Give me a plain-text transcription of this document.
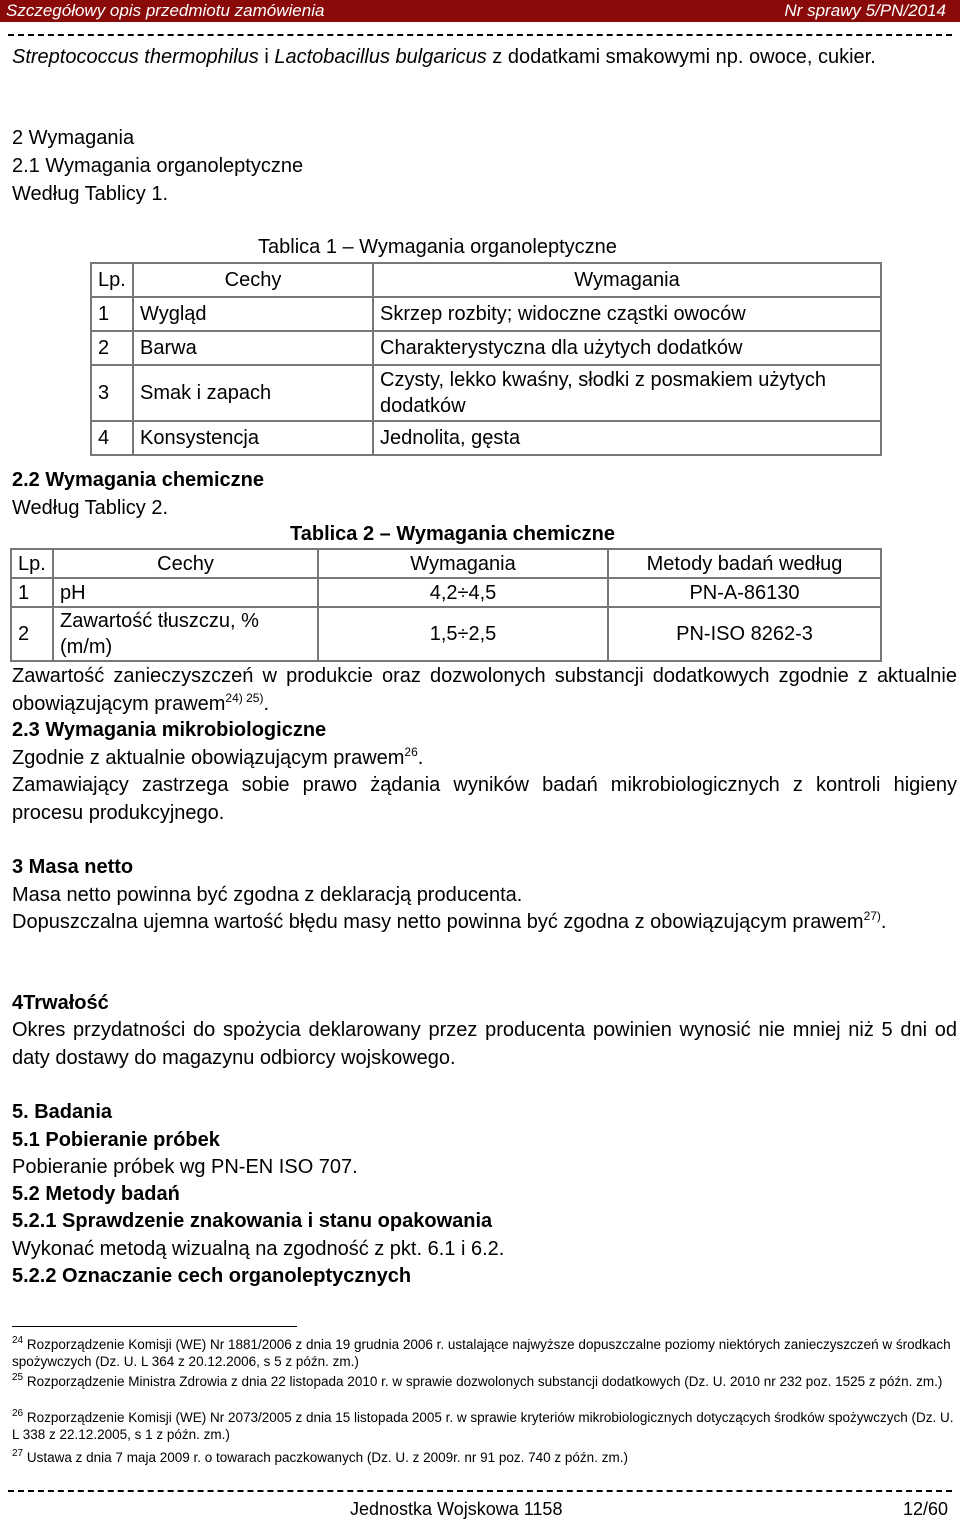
Szczegółowy opis przedmiotu zamówienia	Nr sprawy 5/PN/2014
Streptococcus thermophilus i Lactobacillus bulgaricus z dodatkami smakowymi np. owoce, cukier.
2 Wymagania
2.1 Wymagania organoleptyczne
Według Tablicy 1.
Tablica 1 – Wymagania organoleptyczne
Lp.	Cechy	Wymagania
1	Wygląd	Skrzep rozbity; widoczne cząstki owoców
2	Barwa	Charakterystyczna dla użytych dodatków
3	Smak i zapach	Czysty, lekko kwaśny, słodki z posmakiem użytych dodatków
4	Konsystencja	Jednolita, gęsta
2.2 Wymagania chemiczne
Według Tablicy 2.
Tablica 2 – Wymagania chemiczne
Lp.	Cechy	Wymagania	Metody badań według
1	pH	4,2÷4,5	PN-A-86130
2	Zawartość tłuszczu, %(m/m)	1,5÷2,5	PN-ISO 8262-3
Zawartość zanieczyszczeń w produkcie oraz dozwolonych substancji dodatkowych zgodnie z aktualnie obowiązującym prawem$^{24) 25)}$.
2.3 Wymagania mikrobiologiczne
Zgodnie z aktualnie obowiązującym prawem$^{26}$.
Zamawiający zastrzega sobie prawo żądania wyników badań mikrobiologicznych z kontroli higieny procesu produkcyjnego.
3 Masa netto
Masa netto powinna być zgodna z deklaracją producenta.
Dopuszczalna ujemna wartość błędu masy netto powinna być zgodna z obowiązującym prawem$^{27)}$.
4Trwałość
Okres przydatności do spożycia deklarowany przez producenta powinien wynosić nie mniej niż 5 dni od daty dostawy do magazynu odbiorcy wojskowego.
5. Badania
5.1 Pobieranie próbek
Pobieranie próbek wg PN-EN ISO 707.
5.2 Metody badań
5.2.1 Sprawdzenie znakowania i stanu opakowania
Wykonać metodą wizualną na zgodność z pkt. 6.1 i 6.2.
5.2.2 Oznaczanie cech organoleptycznych
$^{24}$ Rozporządzenie Komisji (WE) Nr 1881/2006 z dnia 19 grudnia 2006 r. ustalające najwyższe dopuszczalne poziomy niektórych zanieczyszczeń w środkach spożywczych (Dz. U. L 364 z 20.12.2006, s 5 z późn. zm.)
$^{25}$ Rozporządzenie Ministra Zdrowia z dnia 22 listopada 2010 r. w sprawie dozwolonych substancji dodatkowych (Dz. U. 2010 nr 232 poz. 1525 z późn. zm.)
$^{26}$ Rozporządzenie Komisji (WE) Nr 2073/2005 z dnia 15 listopada 2005 r. w sprawie kryteriów mikrobiologicznych dotyczących środków spożywczych (Dz. U. L 338 z 22.12.2005, s 1 z późn. zm.)
$^{27}$ Ustawa z dnia 7 maja 2009 r. o towarach paczkowanych (Dz. U. z 2009r. nr 91 poz. 740 z późn. zm.)
Jednostka Wojskowa 1158	12/60
